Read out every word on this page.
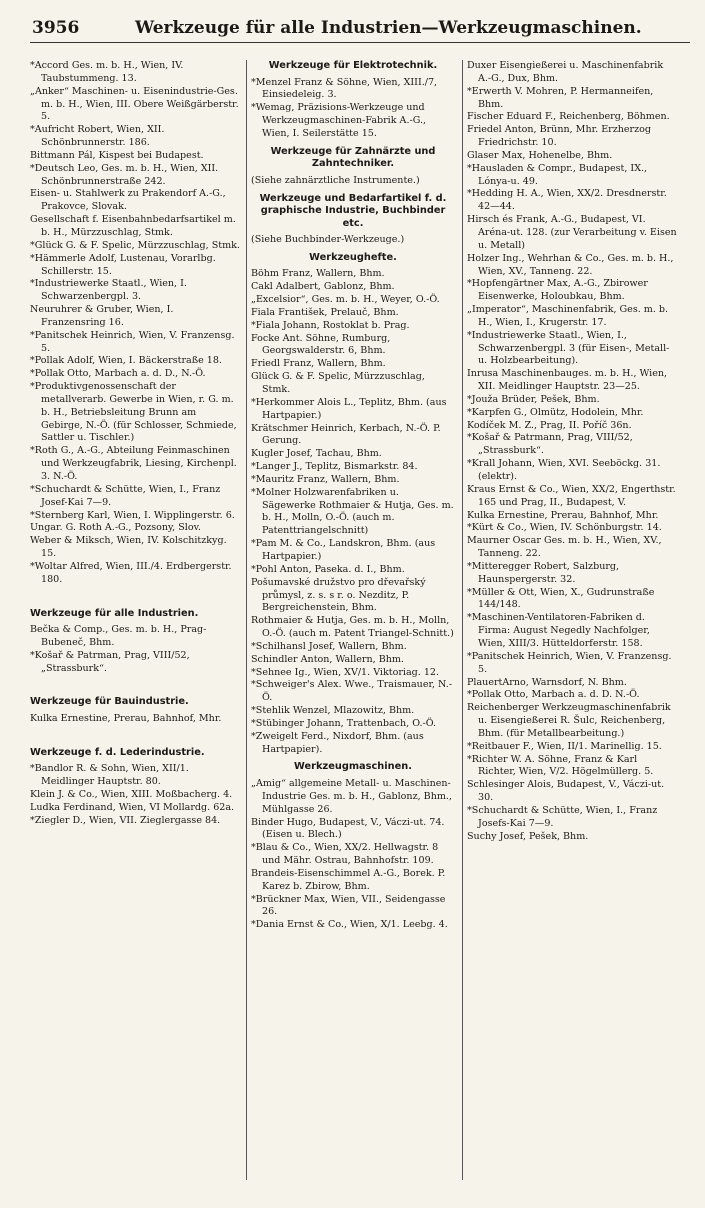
3956	Werkzeuge für alle Industrien—Werkzeugmaschinen.

*Accord Ges. m. b. H., Wien, IV. Taubstummeng. 13.

„Anker“ Maschinen- u. Eisenindustrie-Ges. m. b. H., Wien, III. Obere Weißgärberstr. 5.

*Aufricht Robert, Wien, XII. Schönbrunnerstr. 186.

Bittmann Pál, Kispest bei Budapest.

*Deutsch Leo, Ges. m. b. H., Wien, XII. Schönbrunnerstraße 242.

Eisen- u. Stahlwerk zu Prakendorf A.-G., Prakovce, Slovak.

Gesellschaft f. Eisenbahnbedarfsartikel m. b. H., Mürzzuschlag, Stmk.

*Glück G. & F. Spelic, Mürzzuschlag, Stmk.

*Hämmerle Adolf, Lustenau, Vorarlbg. Schillerstr. 15.

*Industriewerke Staatl., Wien, I. Schwarzenbergpl. 3.

Neuruhrer & Gruber, Wien, I. Franzensring 16.

*Panitschek Heinrich, Wien, V. Franzensg. 5.

*Pollak Adolf, Wien, I. Bäckerstraße 18.

*Pollak Otto, Marbach a. d. D., N.-Ö.

*Produktivgenossenschaft der metallverarb. Gewerbe in Wien, r. G. m. b. H., Betriebsleitung Brunn am Gebirge, N.-Ö. (für Schlosser, Schmiede, Sattler u. Tischler.)

*Roth G., A.-G., Abteilung Feinmaschinen und Werkzeugfabrik, Liesing, Kirchenpl. 3. N.-Ö.

*Schuchardt & Schütte, Wien, I., Franz Josef-Kai 7—9.

*Sternberg Karl, Wien, I. Wipplingerstr. 6.

Ungar. G. Roth A.-G., Pozsony, Slov.

Weber & Miksch, Wien, IV. Kolschitzkyg. 15.

*Woltar Alfred, Wien, III./4. Erdbergerstr. 180.

Werkzeuge für alle Industrien.

Bečka & Comp., Ges. m. b. H., Prag-Bubeneč, Bhm.

*Košař & Patrman, Prag, VIII/52, „Strassburk“.

Werkzeuge für Bauindustrie.

Kulka Ernestine, Prerau, Bahnhof, Mhr.

Werkzeuge f. d. Lederindustrie.

*Bandlor R. & Sohn, Wien, XII/1. Meidlinger Hauptstr. 80.

Klein J. & Co., Wien, XIII. Moßbacherg. 4.

Ludka Ferdinand, Wien, VI Mollardg. 62a.

*Ziegler D., Wien, VII. Zieglergasse 84.

Werkzeuge für Elektrotechnik.

*Menzel Franz & Söhne, Wien, XIII./7, Einsiedeleig. 3.

*Wemag, Präzisions-Werkzeuge und Werkzeugmaschinen-Fabrik A.-G., Wien, I. Seilerstätte 15.

Werkzeuge für Zahnärzte und Zahntechniker.

(Siehe zahnärztliche Instrumente.)

Werkzeuge und Bedarfartikel f. d. graphische Industrie, Buchbinder etc.

(Siehe Buchbinder-Werkzeuge.)

Werkzeughefte.

Böhm Franz, Wallern, Bhm.

Cakl Adalbert, Gablonz, Bhm.

„Excelsior“, Ges. m. b. H., Weyer, O.-Ö.

Fiala František, Prelauč, Bhm.

*Fiala Johann, Rostoklat b. Prag.

Focke Ant. Söhne, Rumburg, Georgswalderstr. 6, Bhm.

Friedl Franz, Wallern, Bhm.

Glück G. & F. Spelic, Mürzzuschlag, Stmk.

*Herkommer Alois L., Teplitz, Bhm. (aus Hartpapier.)

Krätschmer Heinrich, Kerbach, N.-Ö. P. Gerung.

Kugler Josef, Tachau, Bhm.

*Langer J., Teplitz, Bismarkstr. 84.

*Mauritz Franz, Wallern, Bhm.

*Molner Holzwarenfabriken u. Sägewerke Rothmaier & Hutja, Ges. m. b. H., Molln, O.-Ö. (auch m. Patenttriangelschnitt)

*Pam M. & Co., Landskron, Bhm. (aus Hartpapier.)

*Pohl Anton, Paseka. d. I., Bhm.

Pošumavské družstvo pro dřevařský průmysl, z. s. s r. o. Nezditz, P. Bergreichenstein, Bhm.

Rothmaier & Hutja, Ges. m. b. H., Molln, O.-Ö. (auch m. Patent Triangel-Schnitt.)

*Schilhansl Josef, Wallern, Bhm.

Schindler Anton, Wallern, Bhm.

*Sehnee Ig., Wien, XV/1. Viktoriag. 12.

*Schweiger's Alex. Wwe., Traismauer, N.-Ö.

*Stehlik Wenzel, Mlazowitz, Bhm.

*Stübinger Johann, Trattenbach, O.-Ö.

*Zweigelt Ferd., Nixdorf, Bhm. (aus Hartpapier).

Werkzeugmaschinen.

„Amig“ allgemeine Metall- u. Maschinen-Industrie Ges. m. b. H., Gablonz, Bhm., Mühlgasse 26.

Binder Hugo, Budapest, V., Váczi-ut. 74. (Eisen u. Blech.)

*Blau & Co., Wien, XX/2. Hellwagstr. 8 und Mähr. Ostrau, Bahnhofstr. 109.

Brandeis-Eisenschimmel A.-G., Borek. P. Karez b. Zbirow, Bhm.

*Brückner Max, Wien, VII., Seidengasse 26.

*Dania Ernst & Co., Wien, X/1. Leebg. 4.

Duxer Eisengießerei u. Maschinenfabrik A.-G., Dux, Bhm.

*Erwerth V. Mohren, P. Hermanneifen, Bhm.

Fischer Eduard F., Reichenberg, Böhmen.

Friedel Anton, Brünn, Mhr. Erzherzog Friedrichstr. 10.

Glaser Max, Hohenelbe, Bhm.

*Hausladen & Compr., Budapest, IX., Lónya-u. 49.

*Hedding H. A., Wien, XX/2. Dresdnerstr. 42—44.

Hirsch és Frank, A.-G., Budapest, VI. Aréna-ut. 128. (zur Verarbeitung v. Eisen u. Metall)

Holzer Ing., Wehrhan & Co., Ges. m. b. H., Wien, XV., Tanneng. 22.

*Hopfengärtner Max, A.-G., Zbirower Eisenwerke, Holoubkau, Bhm.

„Imperator“, Maschinenfabrik, Ges. m. b. H., Wien, I., Krugerstr. 17.

*Industriewerke Staatl., Wien, I., Schwarzenbergpl. 3 (für Eisen-, Metall- u. Holzbearbeitung).

Inrusa Maschinenbauges. m. b. H., Wien, XII. Meidlinger Hauptstr. 23—25.

*Jouža Brüder, Pešek, Bhm.

*Karpfen G., Olmütz, Hodolein, Mhr.

Kodíček M. Z., Prag, II. Poříč 36n.

*Košař & Patrmann, Prag, VIII/52, „Strassburk“.

*Krall Johann, Wien, XVI. Seeböckg. 31. (elektr).

Kraus Ernst & Co., Wien, XX/2, Engerthstr. 165 und Prag, II., Budapest, V.

Kulka Ernestine, Prerau, Bahnhof, Mhr.

*Kürt & Co., Wien, IV. Schönburgstr. 14.

Maurner Oscar Ges. m. b. H., Wien, XV., Tanneng. 22.

*Mitteregger Robert, Salzburg, Haunspergerstr. 32.

*Müller & Ott, Wien, X., Gudrunstraße 144/148.

*Maschinen-Ventilatoren-Fabriken d. Firma: August Negedly Nachfolger, Wien, XIII/3. Hütteldorferstr. 158.

*Panitschek Heinrich, Wien, V. Franzensg. 5.

PlauertArno, Warnsdorf, N. Bhm.

*Pollak Otto, Marbach a. d. D. N.-Ö.

Reichenberger Werkzeugmaschinenfabrik u. Eisengießerei R. Šulc, Reichenberg, Bhm. (für Metallbearbeitung.)

*Reitbauer F., Wien, II/1. Marinellig. 15.

*Richter W. A. Söhne, Franz & Karl Richter, Wien, V/2. Högelmüllerg. 5.

Schlesinger Alois, Budapest, V., Váczi-ut. 30.

*Schuchardt & Schütte, Wien, I., Franz Josefs-Kai 7—9.

Suchy Josef, Pešek, Bhm.
